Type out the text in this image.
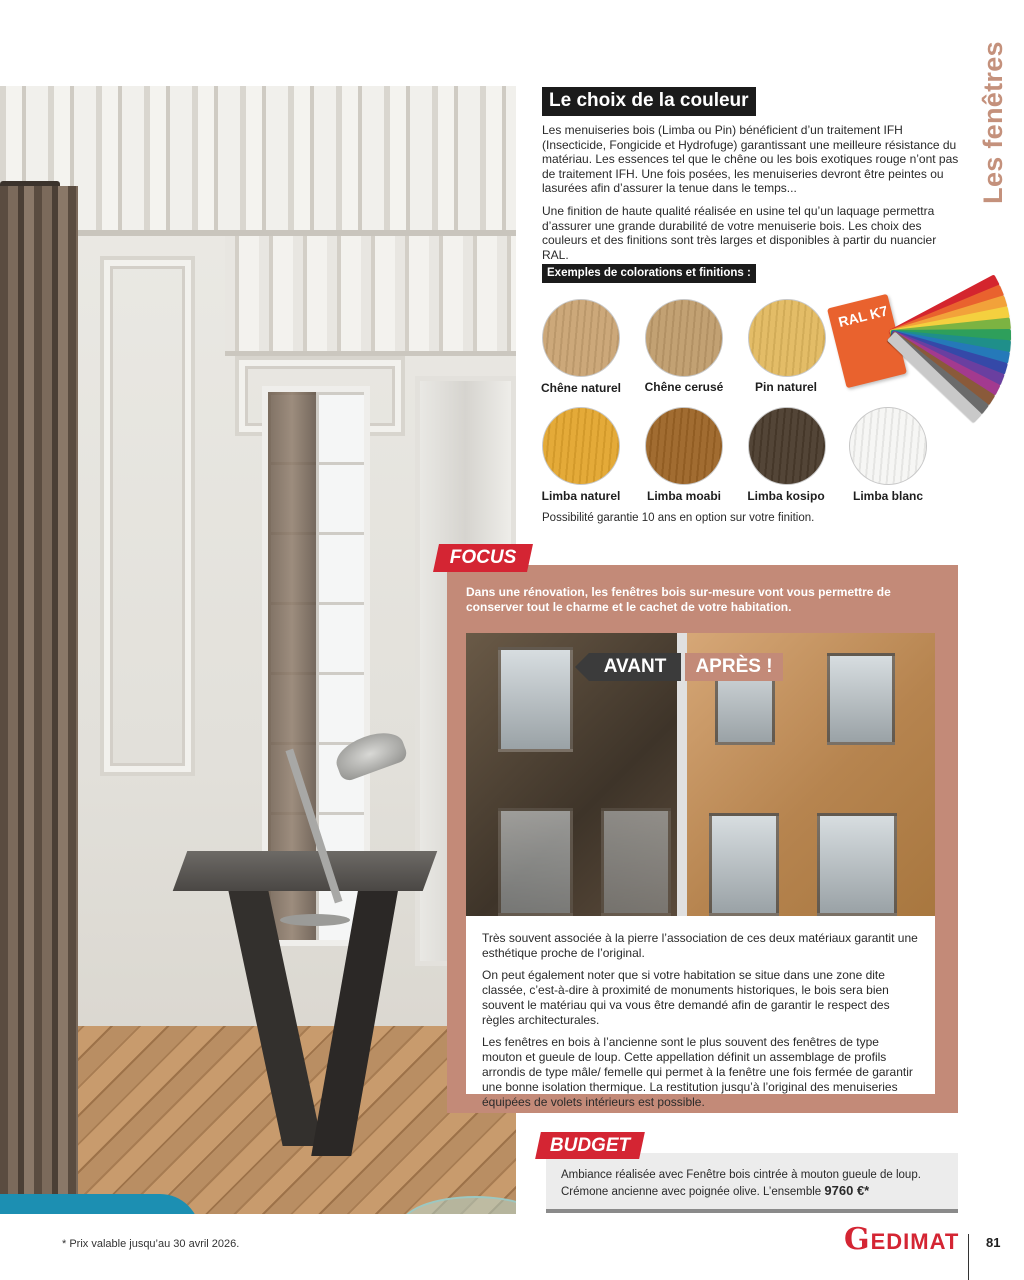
Les fenêtres
Le choix de la couleur

Les menuiseries bois (Limba ou Pin) bénéficient d’un traitement IFH (Insecticide, Fongicide et Hydrofuge) garantissant une meilleure résistance du matériau. Les essences tel que le chêne ou les bois exotiques rouge n’ont pas de traitement IFH. Une fois posées, les menuiseries devront être peintes ou lasurées afin d’assurer la tenue dans le temps...

Une finition de haute qualité réalisée en usine tel qu’un laquage permettra d’assurer une grande durabilité de votre menuiserie bois. Les choix des couleurs et des finitions sont très larges et disponibles à partir du nuancier RAL.

Exemples de colorations et finitions :
Chêne naturel	Chêne cerusé	Pin naturel
Limba naturel	Limba moabi	Limba kosipo	Limba blanc
RAL K7
Possibilité garantie 10 ans en option sur votre finition.
FOCUS

Dans une rénovation, les fenêtres bois sur-mesure vont vous permettre de conserver tout le charme et le cachet de votre habitation.

AVANT	APRÈS !

Très souvent associée à la pierre l’association de ces deux matériaux garantit une esthétique proche de l’original.

On peut également noter que si votre habitation se situe dans une zone dite classée, c’est-à-dire à proximité de monuments historiques, le bois sera bien souvent le matériau qui va vous être demandé afin de garantir le respect des règles architecturales.

Les fenêtres en bois à l’ancienne sont le plus souvent des fenêtres de type mouton et gueule de loup. Cette appellation définit un assemblage de profils arrondis de type mâle/ femelle qui permet à la fenêtre une fois fermée de garantir une bonne isolation thermique. La restitution jusqu’à l’original des menuiseries équipées de volets intérieurs est possible.

BUDGET

Ambiance réalisée avec Fenêtre bois cintrée à mouton gueule de loup. Crémone ancienne avec poignée olive. L’ensemble 9760 €*

* Prix valable jusqu’au 30 avril 2026.	G EDIMAT 81
